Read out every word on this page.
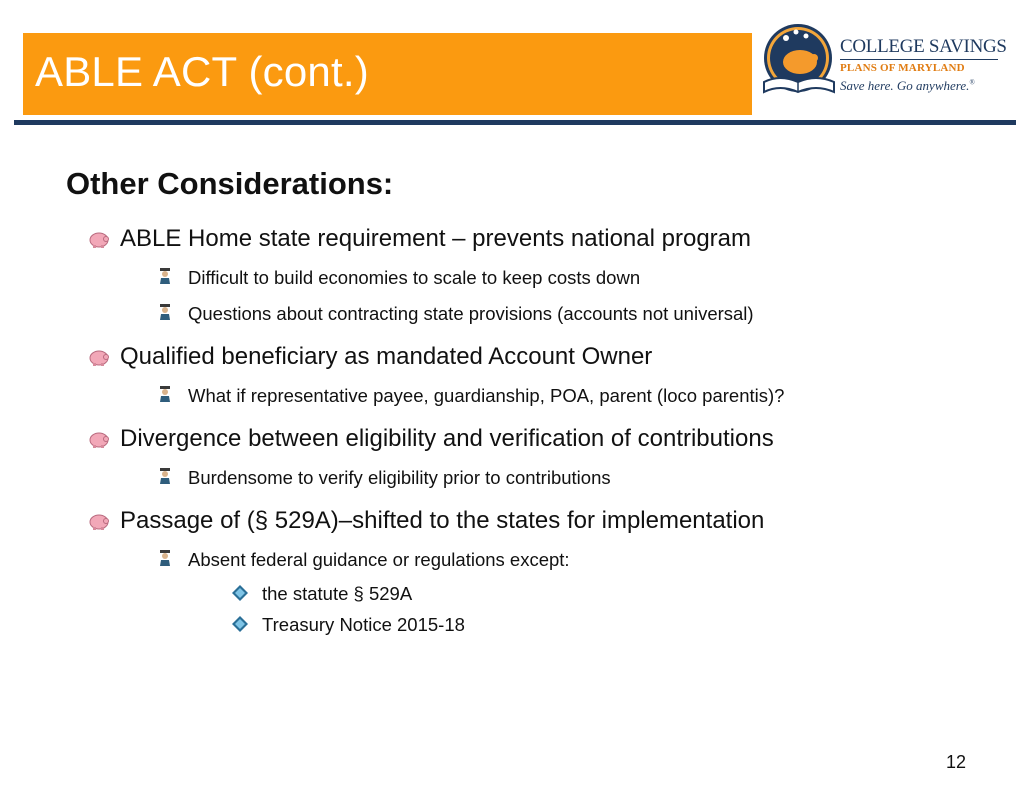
ABLE ACT (cont.)
COLLEGE SAVINGS
PLANS OF MARYLAND
Save here. Go anywhere.®
Other Considerations:
ABLE Home state requirement – prevents national program
Difficult to build economies to scale to keep costs down
Questions about contracting state provisions (accounts not universal)
Qualified beneficiary as mandated Account Owner
What if representative payee, guardianship, POA, parent (loco parentis)?
Divergence between eligibility and verification of contributions
Burdensome to verify eligibility prior to contributions
Passage of (§ 529A)–shifted to the states for implementation
Absent federal guidance or regulations except:
the statute § 529A
Treasury Notice 2015-18
12
